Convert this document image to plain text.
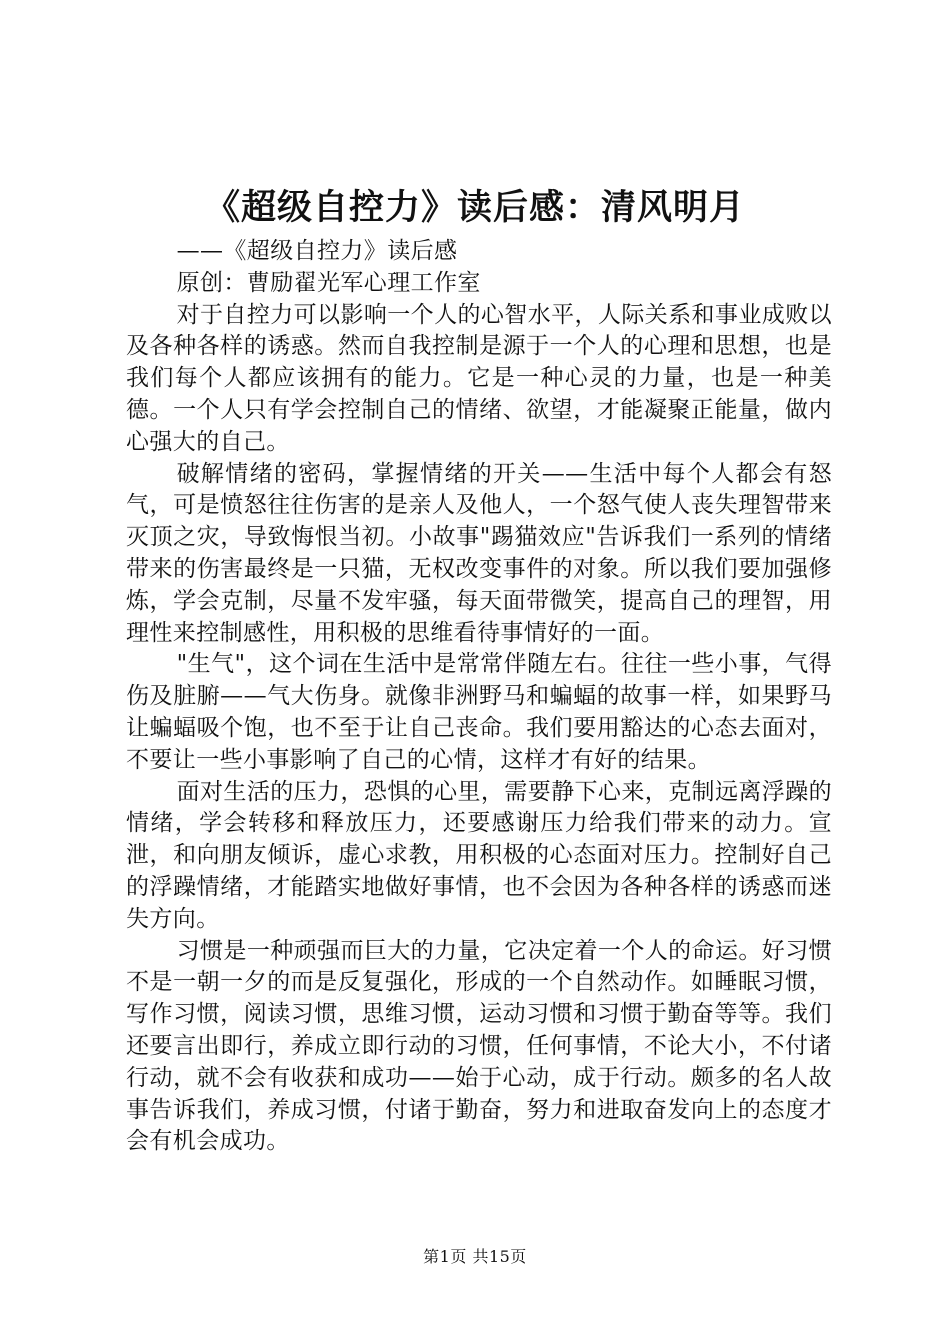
《超级自控力》读后感：清风明月

——《超级自控力》读后感

原创：曹励翟光军心理工作室

对于自控力可以影响一个人的心智水平，人际关系和事业成败以及各种各样的诱惑。然而自我控制是源于一个人的心理和思想，也是我们每个人都应该拥有的能力。它是一种心灵的力量，也是一种美德。一个人只有学会控制自己的情绪、欲望，才能凝聚正能量，做内心强大的自己。

破解情绪的密码，掌握情绪的开关——生活中每个人都会有怒气，可是愤怒往往伤害的是亲人及他人，一个怒气使人丧失理智带来灭顶之灾，导致悔恨当初。小故事"踢猫效应"告诉我们一系列的情绪带来的伤害最终是一只猫，无权改变事件的对象。所以我们要加强修炼，学会克制，尽量不发牢骚，每天面带微笑，提高自己的理智，用理性来控制感性，用积极的思维看待事情好的一面。

"生气"，这个词在生活中是常常伴随左右。往往一些小事，气得伤及脏腑——气大伤身。就像非洲野马和蝙蝠的故事一样，如果野马让蝙蝠吸个饱，也不至于让自己丧命。我们要用豁达的心态去面对，不要让一些小事影响了自己的心情，这样才有好的结果。

面对生活的压力，恐惧的心里，需要静下心来，克制远离浮躁的情绪，学会转移和释放压力，还要感谢压力给我们带来的动力。宣泄，和向朋友倾诉，虚心求教，用积极的心态面对压力。控制好自己的浮躁情绪，才能踏实地做好事情，也不会因为各种各样的诱惑而迷失方向。

习惯是一种顽强而巨大的力量，它决定着一个人的命运。好习惯不是一朝一夕的而是反复强化，形成的一个自然动作。如睡眠习惯，写作习惯，阅读习惯，思维习惯，运动习惯和习惯于勤奋等等。我们还要言出即行，养成立即行动的习惯，任何事情，不论大小，不付诸行动，就不会有收获和成功——始于心动，成于行动。颇多的名人故事告诉我们，养成习惯，付诸于勤奋，努力和进取奋发向上的态度才会有机会成功。

第1页 共15页
